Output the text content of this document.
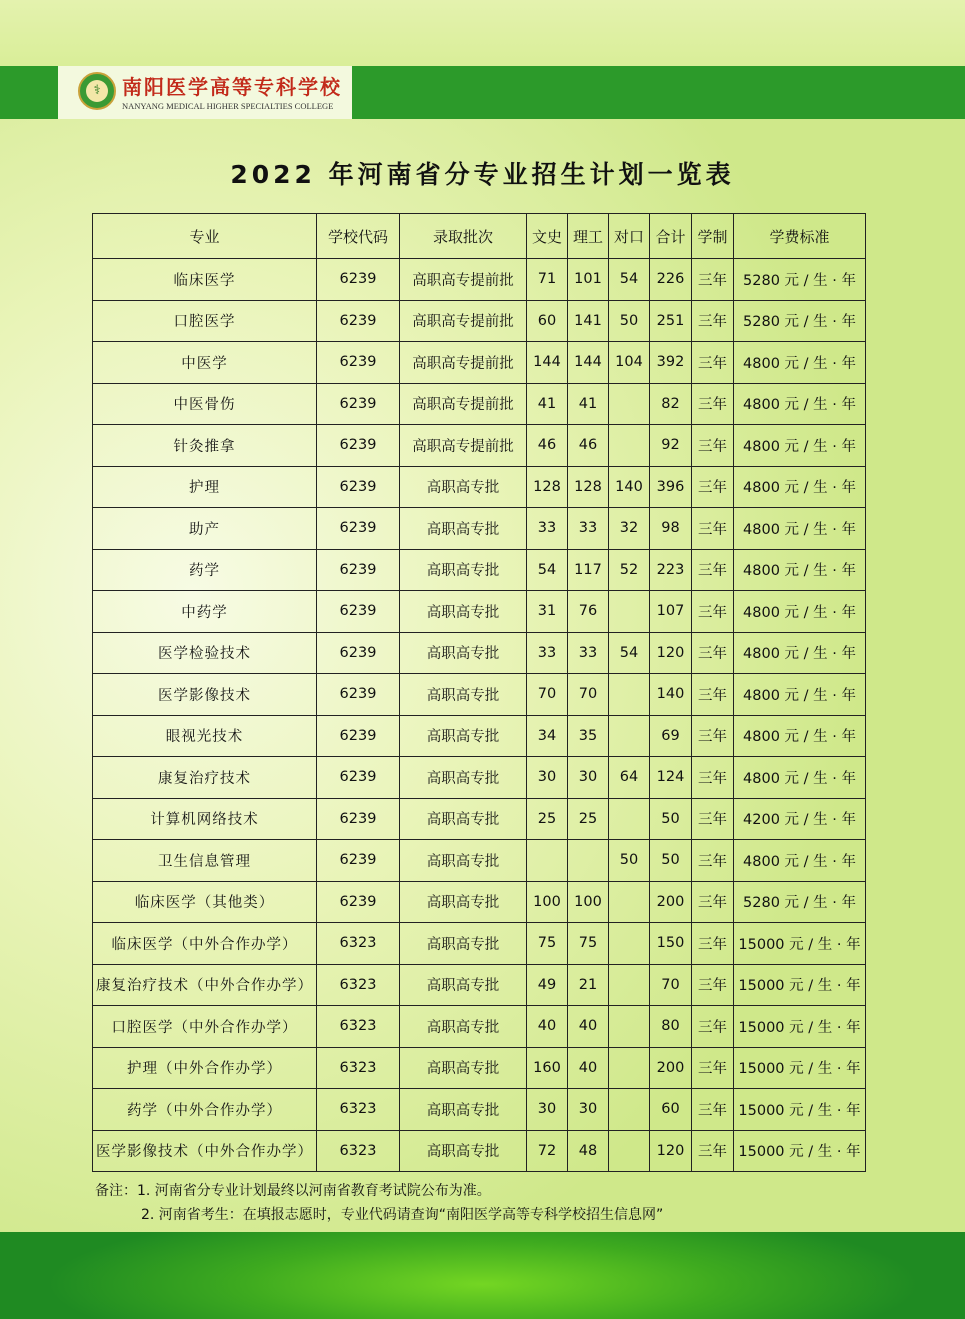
⚕	南阳医学高等专科学校
NANYANG MEDICAL HIGHER SPECIALTIES COLLEGE
2022 年河南省分专业招生计划一览表
专业	学校代码	录取批次	文史	理工	对口	合计	学制	学费标准
临床医学	6239	高职高专提前批	71	101	54	226	三年	5280 元 / 生 · 年
口腔医学	6239	高职高专提前批	60	141	50	251	三年	5280 元 / 生 · 年
中医学	6239	高职高专提前批	144	144	104	392	三年	4800 元 / 生 · 年
中医骨伤	6239	高职高专提前批	41	41		82	三年	4800 元 / 生 · 年
针灸推拿	6239	高职高专提前批	46	46		92	三年	4800 元 / 生 · 年
护理	6239	高职高专批	128	128	140	396	三年	4800 元 / 生 · 年
助产	6239	高职高专批	33	33	32	98	三年	4800 元 / 生 · 年
药学	6239	高职高专批	54	117	52	223	三年	4800 元 / 生 · 年
中药学	6239	高职高专批	31	76		107	三年	4800 元 / 生 · 年
医学检验技术	6239	高职高专批	33	33	54	120	三年	4800 元 / 生 · 年
医学影像技术	6239	高职高专批	70	70		140	三年	4800 元 / 生 · 年
眼视光技术	6239	高职高专批	34	35		69	三年	4800 元 / 生 · 年
康复治疗技术	6239	高职高专批	30	30	64	124	三年	4800 元 / 生 · 年
计算机网络技术	6239	高职高专批	25	25		50	三年	4200 元 / 生 · 年
卫生信息管理	6239	高职高专批			50	50	三年	4800 元 / 生 · 年
临床医学（其他类）	6239	高职高专批	100	100		200	三年	5280 元 / 生 · 年
临床医学（中外合作办学）	6323	高职高专批	75	75		150	三年	15000 元 / 生 · 年
康复治疗技术（中外合作办学）	6323	高职高专批	49	21		70	三年	15000 元 / 生 · 年
口腔医学（中外合作办学）	6323	高职高专批	40	40		80	三年	15000 元 / 生 · 年
护理（中外合作办学）	6323	高职高专批	160	40		200	三年	15000 元 / 生 · 年
药学（中外合作办学）	6323	高职高专批	30	30		60	三年	15000 元 / 生 · 年
医学影像技术（中外合作办学）	6323	高职高专批	72	48		120	三年	15000 元 / 生 · 年
备注：1. 河南省分专业计划最终以河南省教育考试院公布为准。
2. 河南省考生：在填报志愿时，专业代码请查询“南阳医学高等专科学校招生信息网”
